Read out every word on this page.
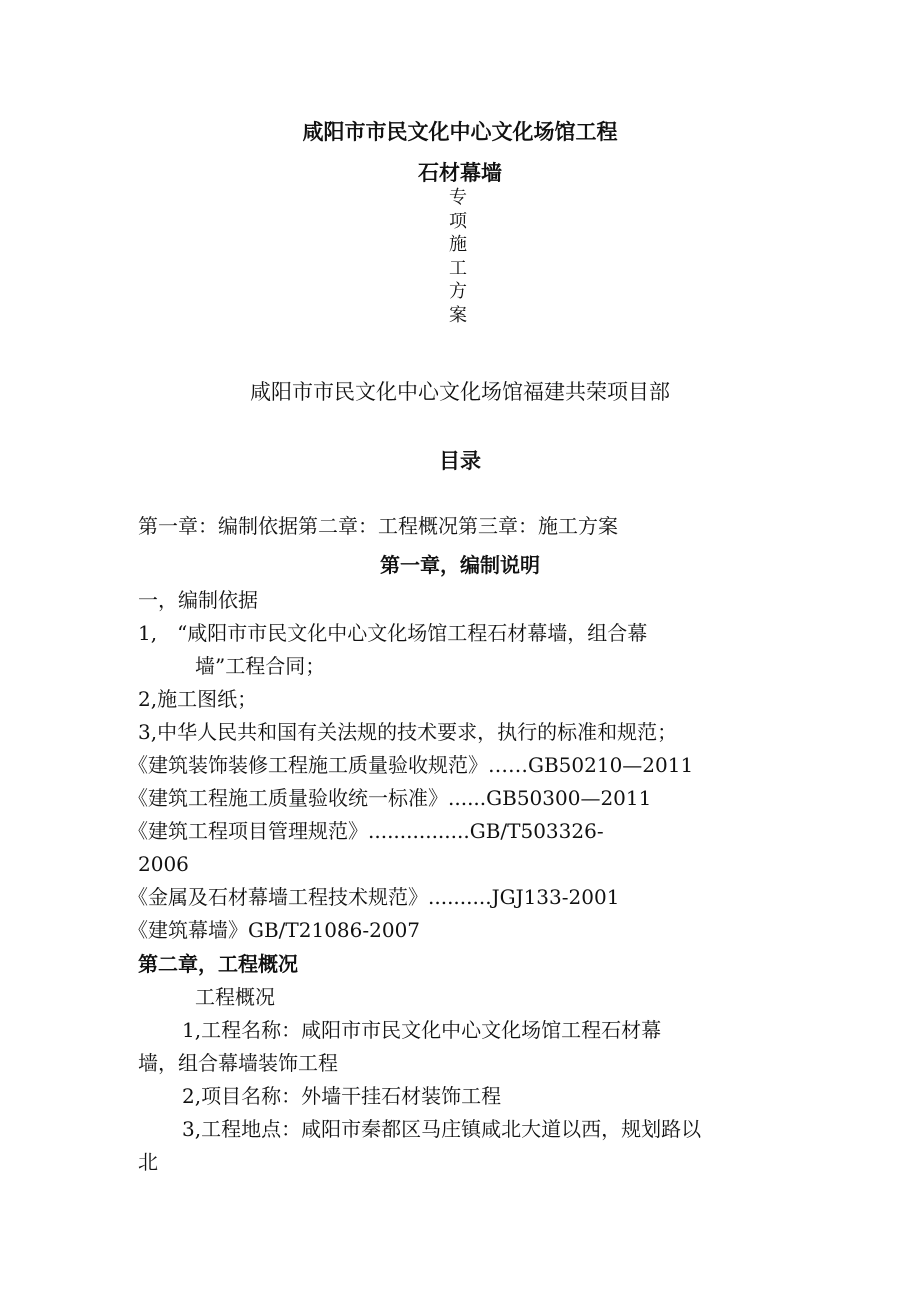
咸阳市市民文化中心文化场馆工程
石材幕墙
专
项
施
工
方
案
咸阳市市民文化中心文化场馆福建共荣项目部
目录
第一章：编制依据第二章：工程概况第三章：施工方案
第一章，编制说明
一，编制依据
1,　“咸阳市市民文化中心文化场馆工程石材幕墙，组合幕
墙”工程合同；
2,施工图纸；
3,中华人民共和国有关法规的技术要求，执行的标准和规范；
《建筑装饰装修工程施工质量验收规范》……GB50210—2011
《建筑工程施工质量验收统一标准》......GB50300—2011
《建筑工程项目管理规范》................GB/T503326-
2006
《金属及石材幕墙工程技术规范》..........JGJ133-2001
《建筑幕墙》GB/T21086-2007
第二章，工程概况
工程概况
1,工程名称：咸阳市市民文化中心文化场馆工程石材幕
墙，组合幕墙装饰工程
2,项目名称：外墙干挂石材装饰工程
3,工程地点：咸阳市秦都区马庄镇咸北大道以西，规划路以
北
